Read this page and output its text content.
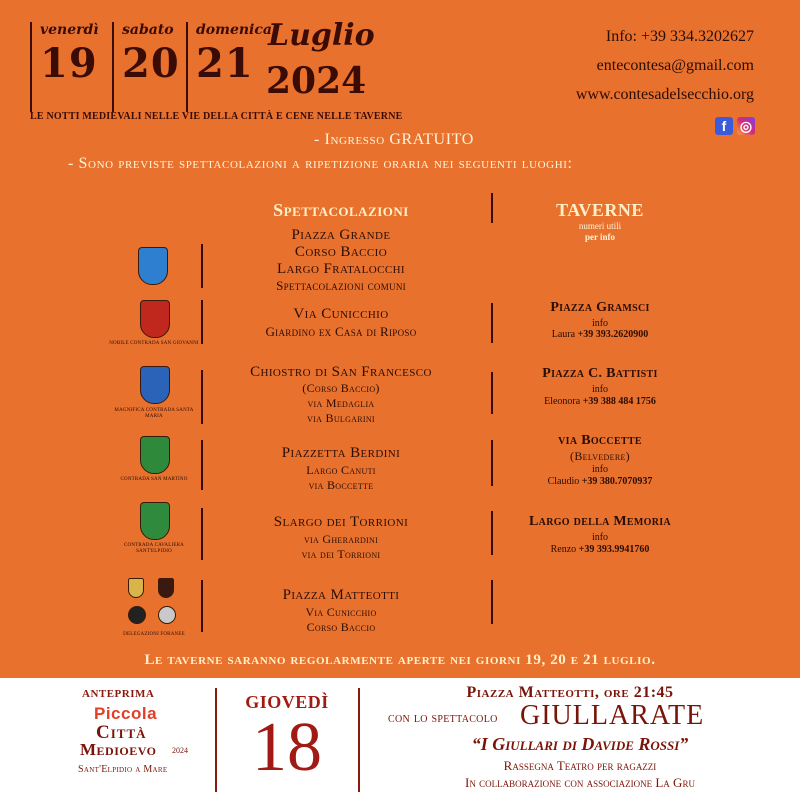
venerdì
19
sabato
20
domenica
21
Luglio
2024
LE NOTTI MEDIEVALI NELLE VIE DELLA CITTÀ E CENE NELLE TAVERNE
Info: +39 334.3202627
entecontesa@gmail.com
www.contesadelsecchio.org
f ◎
- Ingresso GRATUITO
- Sono previste spettacolazioni a ripetizione oraria nei seguenti luoghi:
Spettacolazioni	TAVERNE
numeri utili
per info
Piazza Grande
Corso Baccio
Largo Fratalocchi
Spettacolazioni comuni
NOBILE CONTRADA SAN GIOVANNI
Via Cunicchio
Giardino ex Casa di Riposo
Piazza Gramsci
info
Laura +39 393.2620900
MAGNIFICA CONTRADA SANTA MARIA
Chiostro di San Francesco
(Corso Baccio)
via Medaglia
via Bulgarini
Piazza C. Battisti
info
Eleonora +39 388 484 1756
CONTRADA SAN MARTINO
Piazzetta Berdini
Largo Canuti
via Boccette
via Boccette
(Belvedere)
info
Claudio +39 380.7070937
CONTRADA CAVALIERA SANT'ELPIDIO
Slargo dei Torrioni
via Gherardini
via dei Torrioni
Largo della Memoria
info
Renzo +39 393.9941760
DELEGAZIONI FORANEE
Piazza Matteotti
Via Cunicchio
Corso Baccio
Le taverne saranno regolarmente aperte nei giorni 19, 20 e 21 luglio.
ANTEPRIMA
Piccola
Città
Medioevo 2024
Sant'Elpidio a Mare
GIOVEDÌ
18
Piazza Matteotti, ore 21:45
con lo spettacolo GIULLARATE
“I Giullari di Davide Rossi”
Rassegna Teatro per ragazzi
In collaborazione con associazione La Gru
